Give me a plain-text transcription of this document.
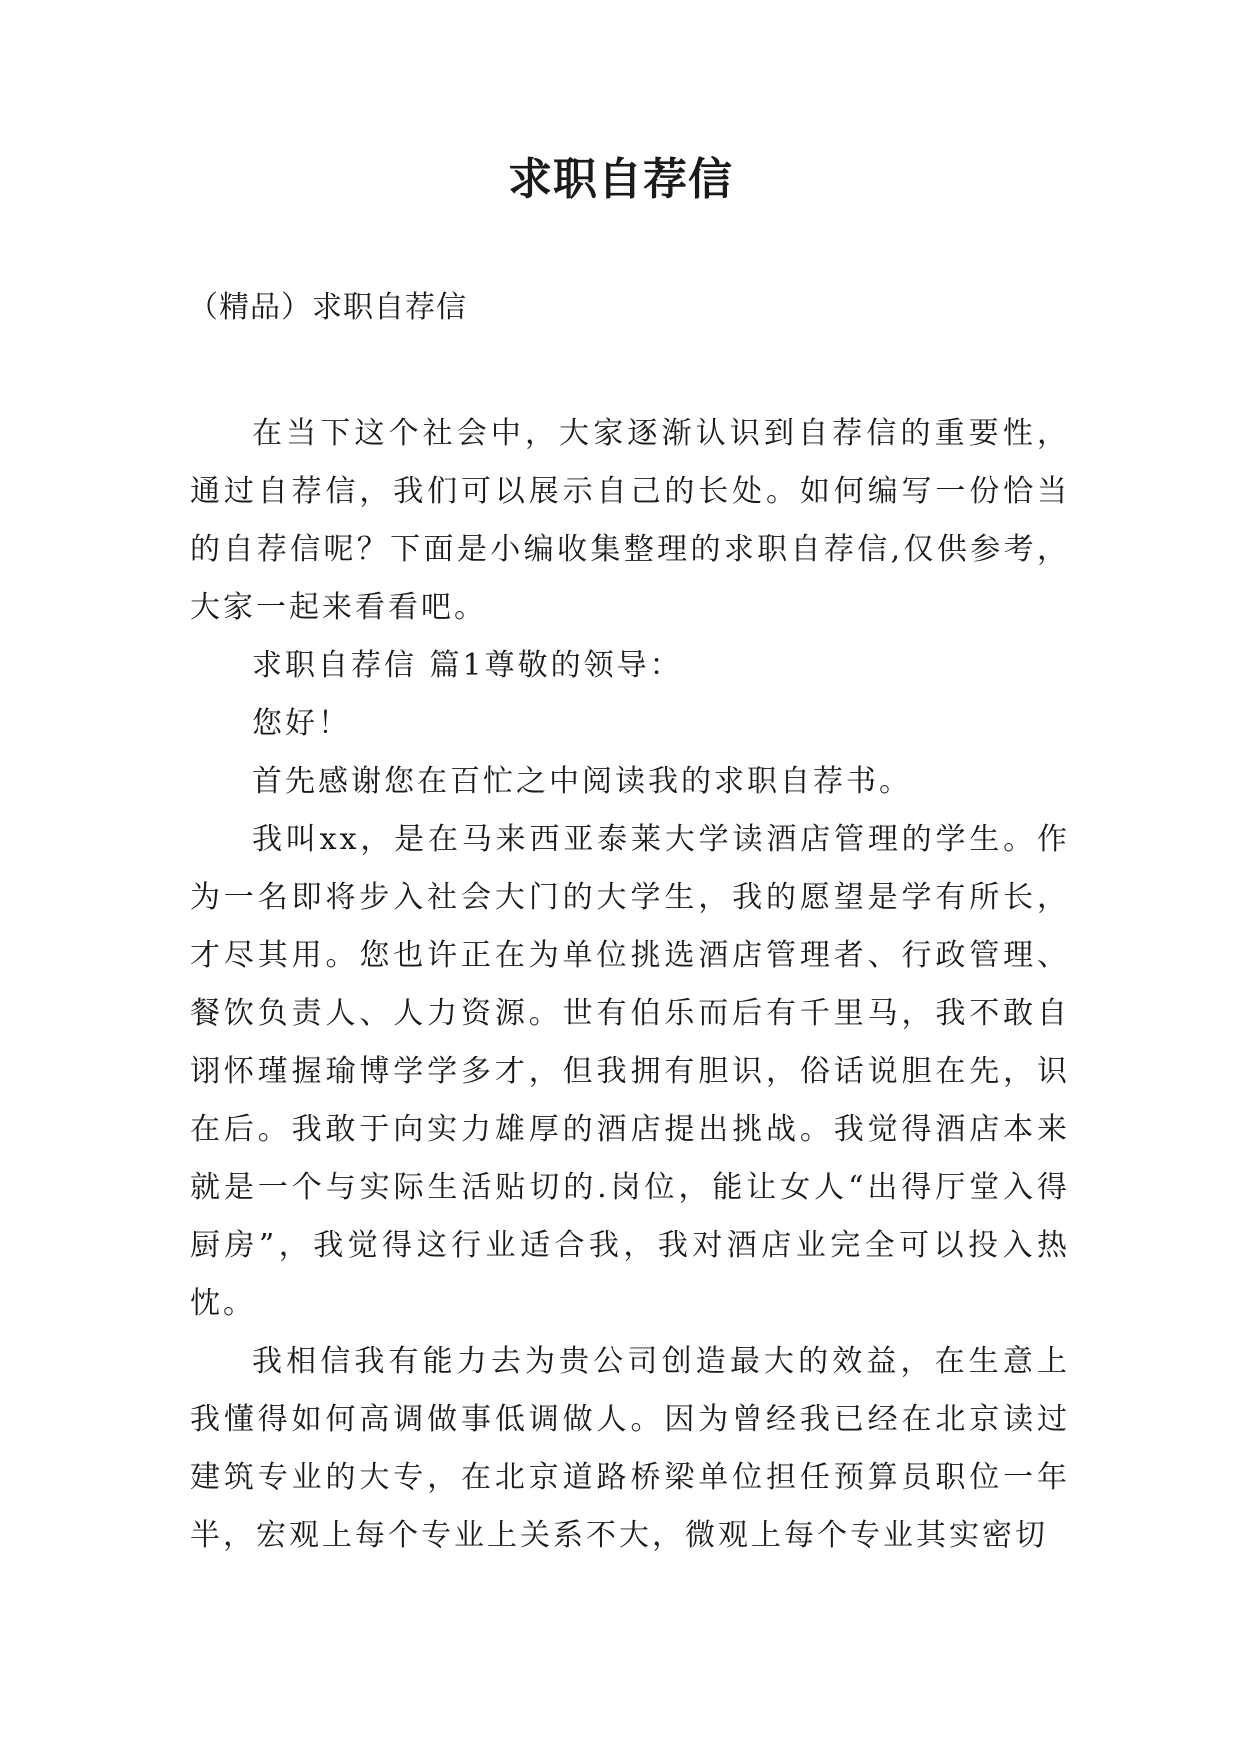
求职自荐信

（精品）求职自荐信

在当下这个社会中，大家逐渐认识到自荐信的重要性，通过自荐信，我们可以展示自己的长处。如何编写一份恰当的自荐信呢？下面是小编收集整理的求职自荐信,仅供参考，大家一起来看看吧。

求职自荐信 篇1尊敬的领导：

您好！

首先感谢您在百忙之中阅读我的求职自荐书。

我叫xx，是在马来西亚泰莱大学读酒店管理的学生。作为一名即将步入社会大门的大学生，我的愿望是学有所长，才尽其用。您也许正在为单位挑选酒店管理者、行政管理、餐饮负责人、人力资源。世有伯乐而后有千里马，我不敢自诩怀瑾握瑜博学学多才，但我拥有胆识，俗话说胆在先，识在后。我敢于向实力雄厚的酒店提出挑战。我觉得酒店本来就是一个与实际生活贴切的.岗位，能让女人“出得厅堂入得厨房”，我觉得这行业适合我，我对酒店业完全可以投入热忱。

我相信我有能力去为贵公司创造最大的效益，在生意上我懂得如何高调做事低调做人。因为曾经我已经在北京读过建筑专业的大专，在北京道路桥梁单位担任预算员职位一年半，宏观上每个专业上关系不大，微观上每个专业其实密切
